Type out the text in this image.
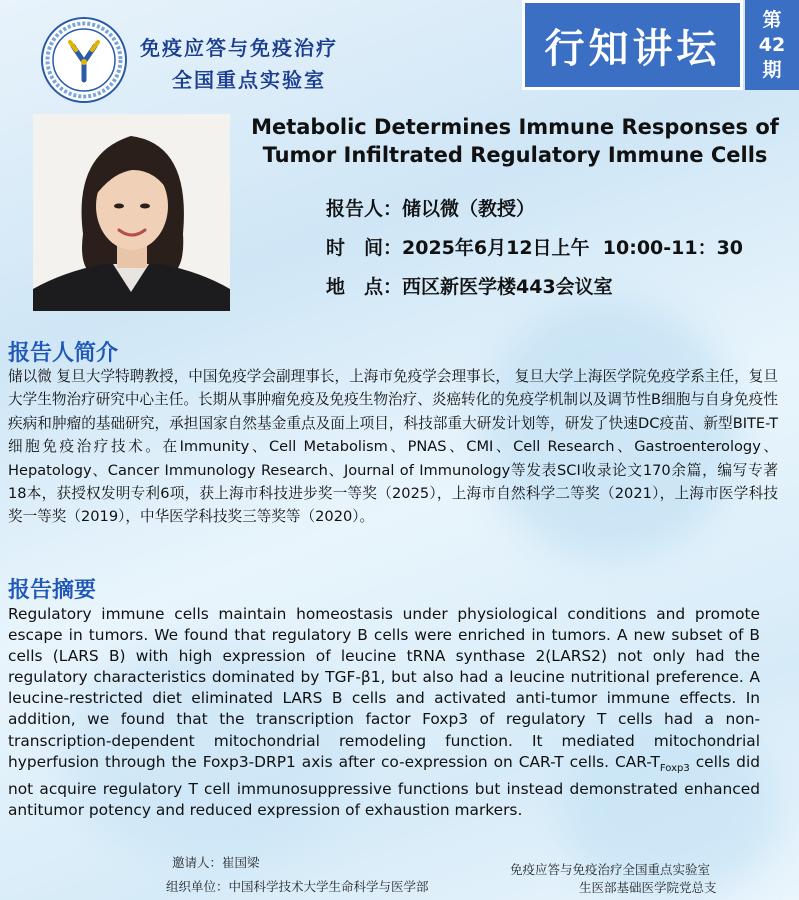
免疫应答与免疫治疗
全国重点实验室
行知讲坛
第
42
期
Metabolic Determines Immune Responses of
Tumor Infiltrated Regulatory Immune Cells
报告人：储以微（教授）
时　间：2025年6月12日上午  10:00-11：30
地　点：西区新医学楼443会议室
报告人简介
储以微 复旦大学特聘教授，中国免疫学会副理事长，上海市免疫学会理事长， 复旦大学上海医学院免疫学系主任，复旦大学生物治疗研究中心主任。长期从事肿瘤免疫及免疫生物治疗、炎癌转化的免疫学机制以及调节性B细胞与自身免疫性疾病和肿瘤的基础研究，承担国家自然基金重点及面上项目，科技部重大研发计划等，研发了快速DC疫苗、新型BITE-T细胞免疫治疗技术。在Immunity、Cell Metabolism、PNAS、CMI、Cell Research、Gastroenterology、Hepatology、Cancer Immunology Research、Journal of Immunology等发表SCI收录论文170余篇，编写专著18本，获授权发明专利6项，获上海市科技进步奖一等奖（2025），上海市自然科学二等奖（2021），上海市医学科技奖一等奖（2019），中华医学科技奖三等奖等（2020）。
报告摘要
Regulatory immune cells maintain homeostasis under physiological conditions and promote escape in tumors. We found that regulatory B cells were enriched in tumors. A new subset of B cells (LARS B) with high expression of leucine tRNA synthase 2(LARS2) not only had the regulatory characteristics dominated by TGF-β1, but also had a leucine nutritional preference. A leucine-restricted diet eliminated LARS B cells and activated anti-tumor immune effects. In addition, we found that the transcription factor Foxp3 of regulatory T cells had a non-transcription-dependent mitochondrial remodeling function. It mediated mitochondrial hyperfusion through the Foxp3-DRP1 axis after co-expression on CAR-T cells. CAR-$T_{Foxp3}$ cells did not acquire regulatory T cell immunosuppressive functions but instead demonstrated enhanced antitumor potency and reduced expression of exhaustion markers.
邀请人：崔国梁
组织单位：中国科学技术大学生命科学与医学部
免疫应答与免疫治疗全国重点实验室
生医部基础医学院党总支
